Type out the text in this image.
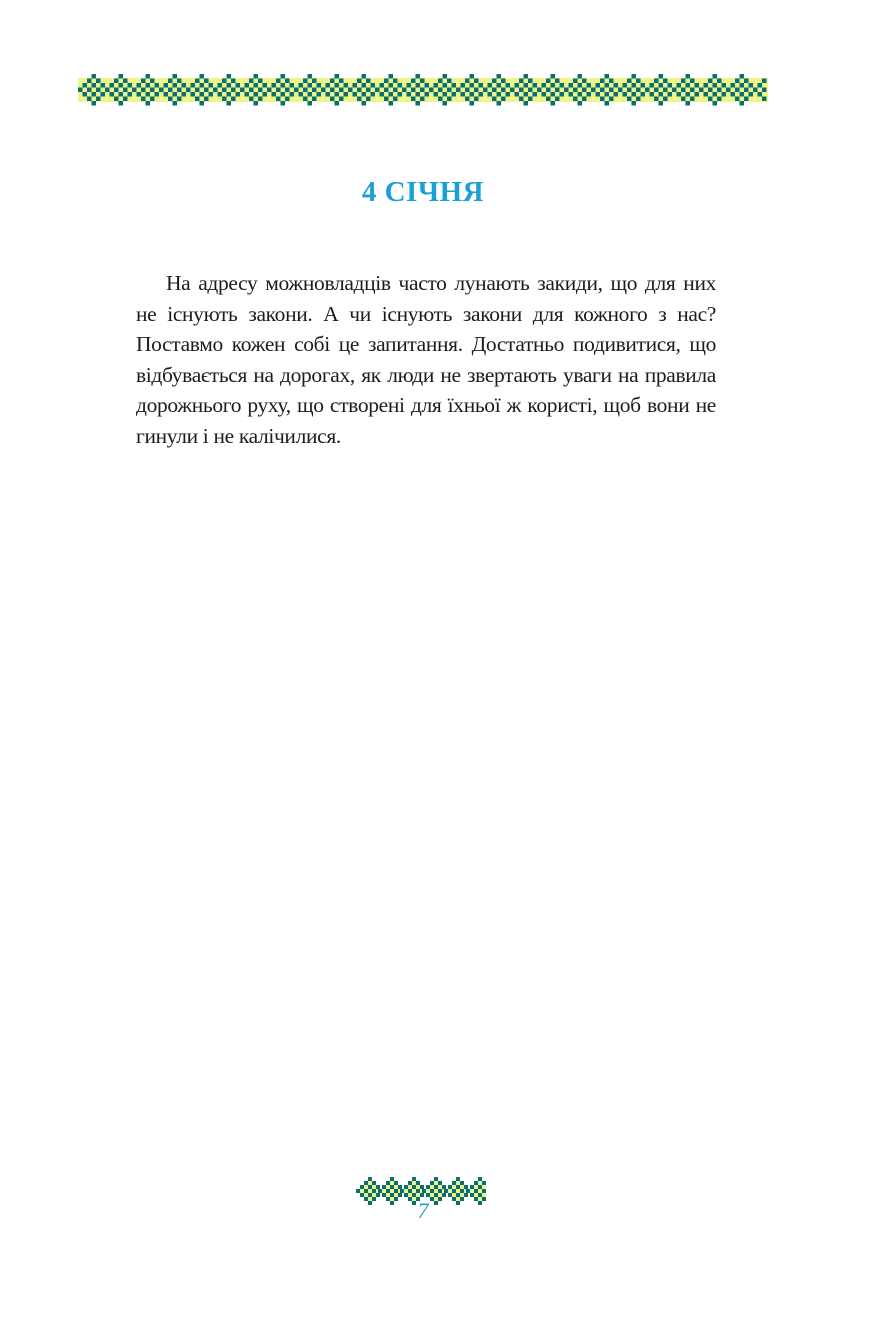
4 СІЧНЯ

На адресу можновладців часто лунають закиди, що для них не існують закони. А чи існують закони для кожного з нас? Поставмо кожен собі це запитання. Достатньо подивитися, що відбувається на дорогах, як люди не звертають уваги на правила дорожнього руху, що створені для їхньої ж користі, щоб вони не гинули і не калічилися.

7
